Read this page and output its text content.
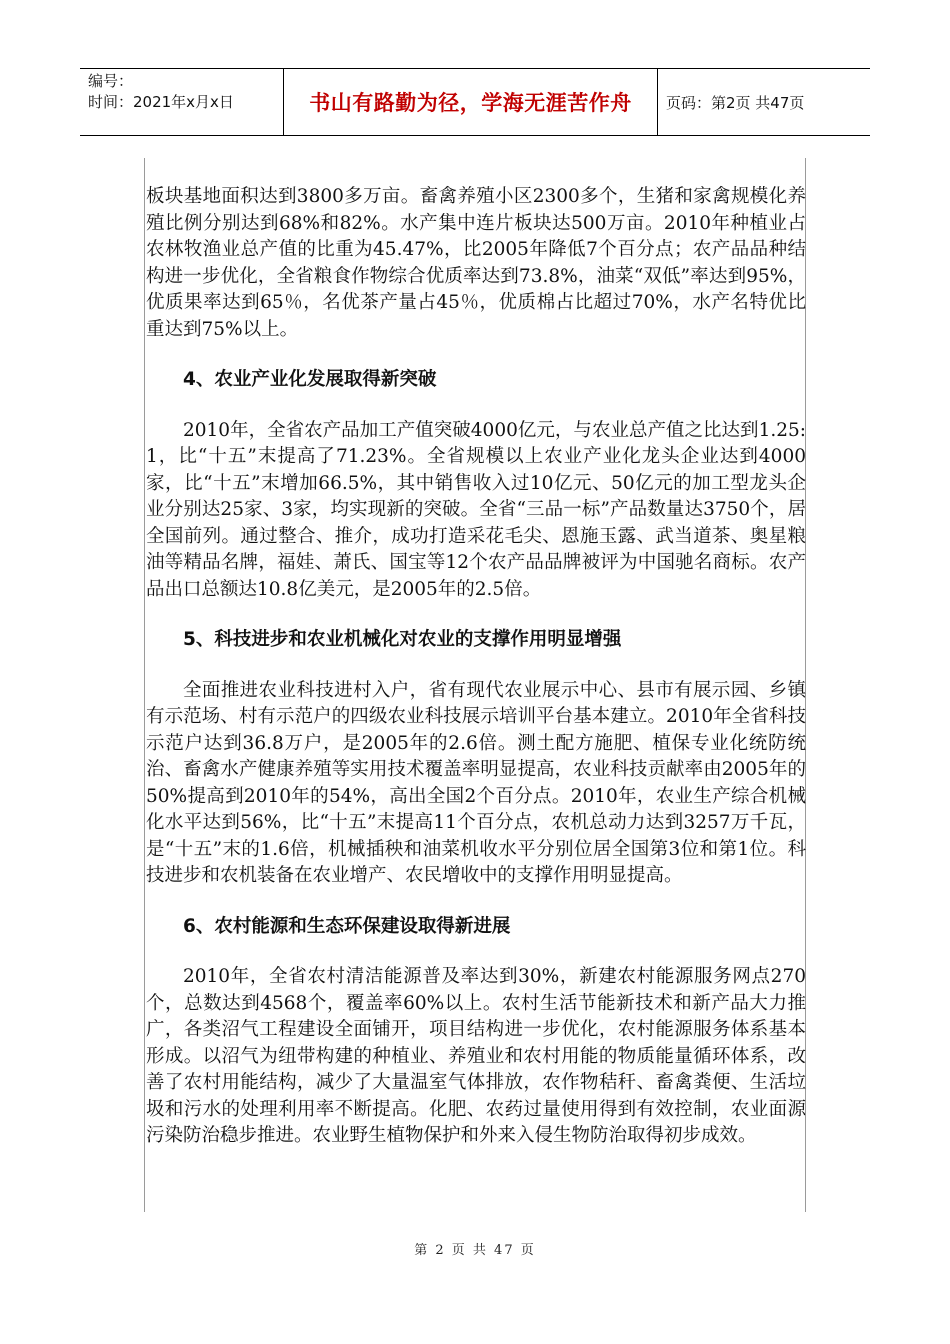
编号：
时间：2021年x月x日	书山有路勤为径，学海无涯苦作舟	页码：第2页 共47页

板块基地面积达到3800多万亩。畜禽养殖小区2300多个，生猪和家禽规模化养殖比例分别达到68%和82%。水产集中连片板块达500万亩。2010年种植业占农林牧渔业总产值的比重为45.47%，比2005年降低7个百分点；农产品品种结构进一步优化，全省粮食作物综合优质率达到73.8%，油菜“双低”率达到95%，优质果率达到65％，名优茶产量占45％，优质棉占比超过70%，水产名特优比重达到75%以上。

4、农业产业化发展取得新突破

2010年，全省农产品加工产值突破4000亿元，与农业总产值之比达到1.25:1，比“十五”末提高了71.23%。全省规模以上农业产业化龙头企业达到4000家，比“十五”末增加66.5%，其中销售收入过10亿元、50亿元的加工型龙头企业分别达25家、3家，均实现新的突破。全省“三品一标”产品数量达3750个，居全国前列。通过整合、推介，成功打造采花毛尖、恩施玉露、武当道茶、奥星粮油等精品名牌，福娃、萧氏、国宝等12个农产品品牌被评为中国驰名商标。农产品出口总额达10.8亿美元，是2005年的2.5倍。

5、科技进步和农业机械化对农业的支撑作用明显增强

全面推进农业科技进村入户，省有现代农业展示中心、县市有展示园、乡镇有示范场、村有示范户的四级农业科技展示培训平台基本建立。2010年全省科技示范户达到36.8万户，是2005年的2.6倍。测土配方施肥、植保专业化统防统治、畜禽水产健康养殖等实用技术覆盖率明显提高，农业科技贡献率由2005年的50%提高到2010年的54%，高出全国2个百分点。2010年，农业生产综合机械化水平达到56%，比“十五”末提高11个百分点，农机总动力达到3257万千瓦，是“十五”末的1.6倍，机械插秧和油菜机收水平分别位居全国第3位和第1位。科技进步和农机装备在农业增产、农民增收中的支撑作用明显提高。

6、农村能源和生态环保建设取得新进展

2010年，全省农村清洁能源普及率达到30%，新建农村能源服务网点270个，总数达到4568个，覆盖率60%以上。农村生活节能新技术和新产品大力推广，各类沼气工程建设全面铺开，项目结构进一步优化，农村能源服务体系基本形成。以沼气为纽带构建的种植业、养殖业和农村用能的物质能量循环体系，改善了农村用能结构，减少了大量温室气体排放，农作物秸秆、畜禽粪便、生活垃圾和污水的处理利用率不断提高。化肥、农药过量使用得到有效控制，农业面源污染防治稳步推进。农业野生植物保护和外来入侵生物防治取得初步成效。

第 2 页 共 47 页
